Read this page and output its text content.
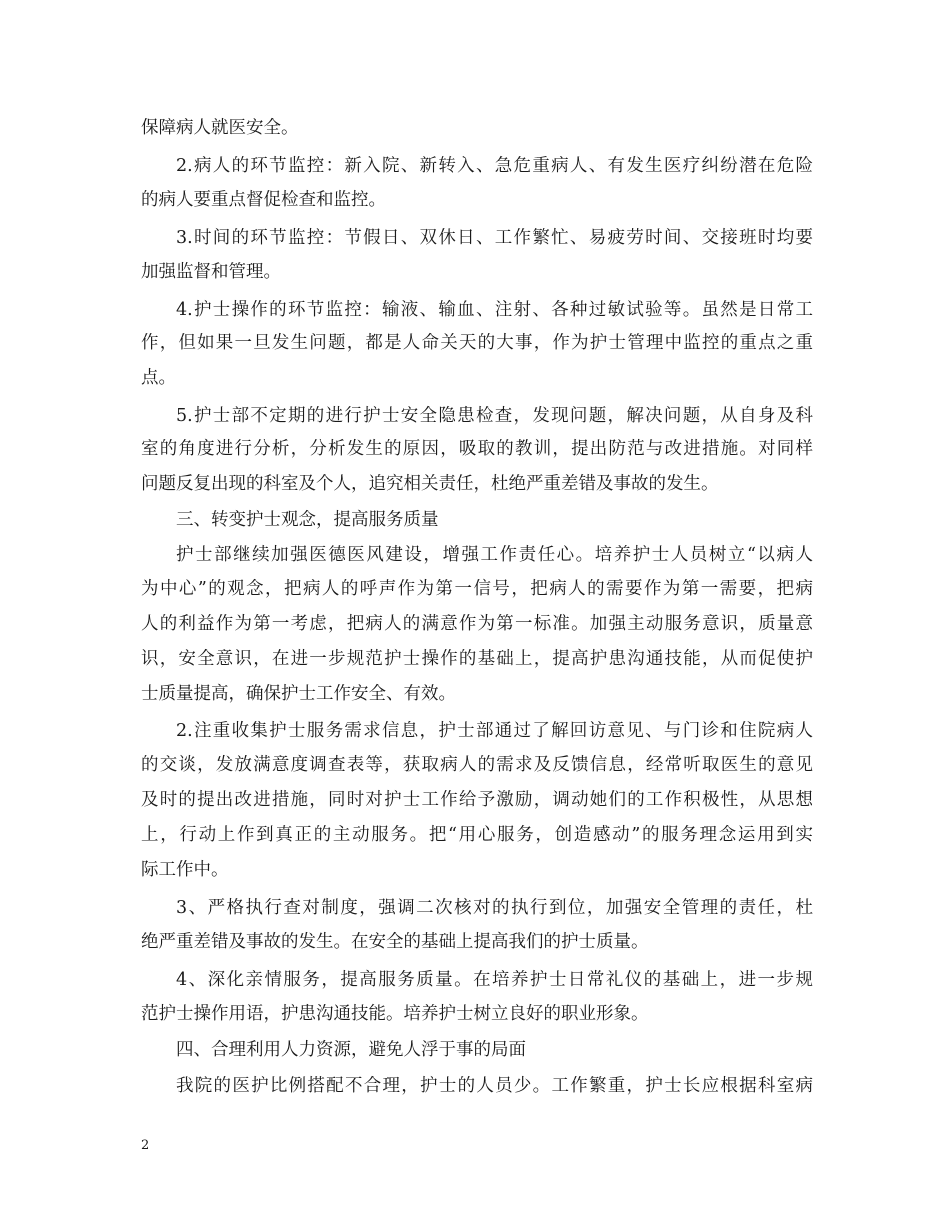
保障病人就医安全。
2.病人的环节监控：新入院、新转入、急危重病人、有发生医疗纠纷潜在危险
的病人要重点督促检查和监控。
3.时间的环节监控：节假日、双休日、工作繁忙、易疲劳时间、交接班时均要
加强监督和管理。
4.护士操作的环节监控：输液、输血、注射、各种过敏试验等。虽然是日常工
作，但如果一旦发生问题，都是人命关天的大事，作为护士管理中监控的重点之重
点。
5.护士部不定期的进行护士安全隐患检查，发现问题，解决问题，从自身及科
室的角度进行分析，分析发生的原因，吸取的教训，提出防范与改进措施。对同样
问题反复出现的科室及个人，追究相关责任，杜绝严重差错及事故的发生。
三、转变护士观念，提高服务质量
护士部继续加强医德医风建设，增强工作责任心。培养护士人员树立“以病人
为中心”的观念，把病人的呼声作为第一信号，把病人的需要作为第一需要，把病
人的利益作为第一考虑，把病人的满意作为第一标准。加强主动服务意识，质量意
识，安全意识，在进一步规范护士操作的基础上，提高护患沟通技能，从而促使护
士质量提高，确保护士工作安全、有效。
2.注重收集护士服务需求信息，护士部通过了解回访意见、与门诊和住院病人
的交谈，发放满意度调查表等，获取病人的需求及反馈信息，经常听取医生的意见
及时的提出改进措施，同时对护士工作给予激励，调动她们的工作积极性，从思想
上，行动上作到真正的主动服务。把“用心服务，创造感动”的服务理念运用到实
际工作中。
3、严格执行查对制度，强调二次核对的执行到位，加强安全管理的责任，杜
绝严重差错及事故的发生。在安全的基础上提高我们的护士质量。
4、深化亲情服务，提高服务质量。在培养护士日常礼仪的基础上，进一步规
范护士操作用语，护患沟通技能。培养护士树立良好的职业形象。
四、合理利用人力资源，避免人浮于事的局面
我院的医护比例搭配不合理，护士的人员少。工作繁重，护士长应根据科室病
2
